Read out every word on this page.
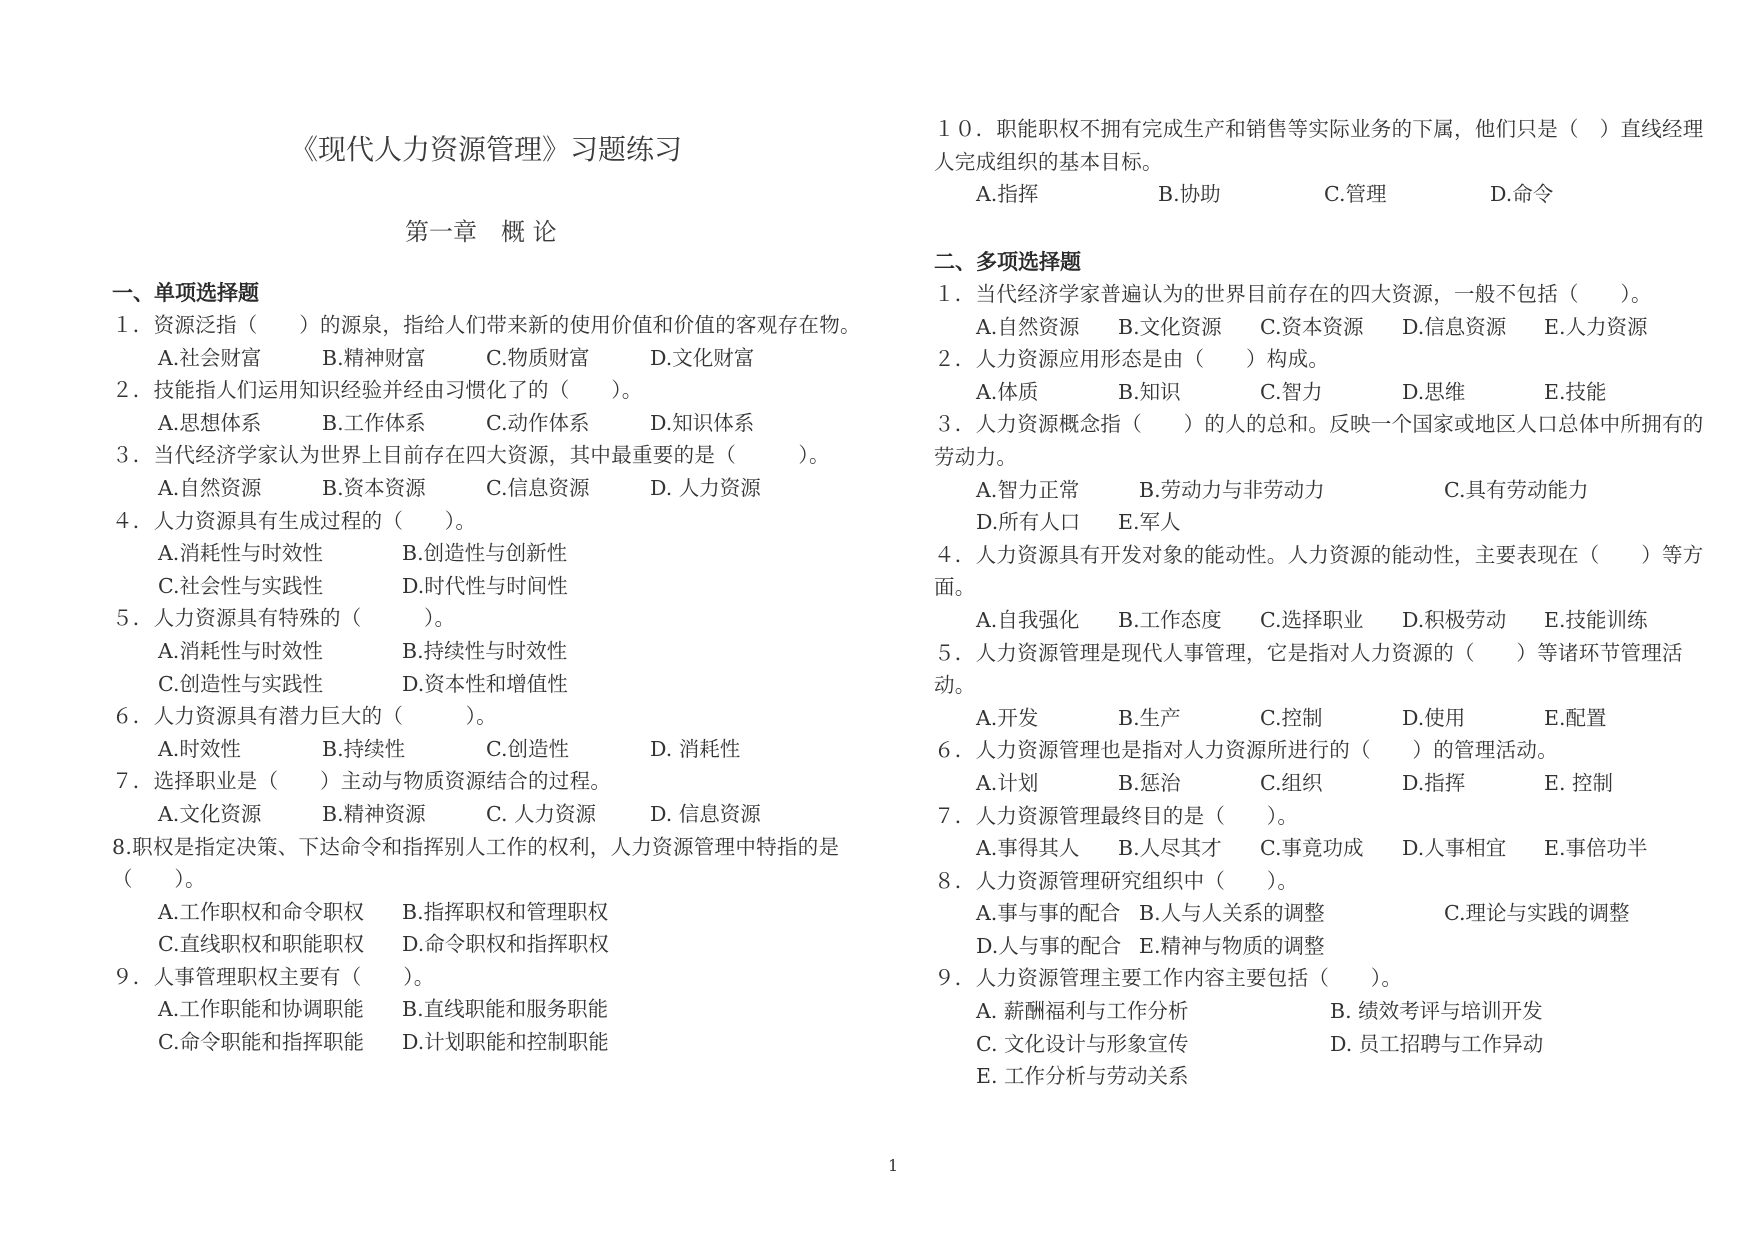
《现代人力资源管理》习题练习
第一章　概 论
一、单项选择题
１．资源泛指（　　）的源泉，指给人们带来新的使用价值和价值的客观存在物。
A.社会财富	B.精神财富	C.物质财富	D.文化财富
２．技能指人们运用知识经验并经由习惯化了的（　　）。
A.思想体系	B.工作体系	C.动作体系	D.知识体系
３．当代经济学家认为世界上目前存在四大资源，其中最重要的是（　　　）。
A.自然资源	B.资本资源	C.信息资源	D. 人力资源
４．人力资源具有生成过程的（　　）。
A.消耗性与时效性	B.创造性与创新性
C.社会性与实践性	D.时代性与时间性
５．人力资源具有特殊的（　　　）。
A.消耗性与时效性	B.持续性与时效性
C.创造性与实践性	D.资本性和增值性
６．人力资源具有潜力巨大的（　　　）。
A.时效性	B.持续性	C.创造性	D. 消耗性
７．选择职业是（　　）主动与物质资源结合的过程。
A.文化资源	B.精神资源	C. 人力资源	D. 信息资源
8.职权是指定决策、下达命令和指挥别人工作的权利，人力资源管理中特指的是（　　）。
A.工作职权和命令职权 B.指挥职权和管理职权
C.直线职权和职能职权 D.命令职权和指挥职权
９．人事管理职权主要有（　　）。
A.工作职能和协调职能 B.直线职能和服务职能
C.命令职能和指挥职能 D.计划职能和控制职能
１０．职能职权不拥有完成生产和销售等实际业务的下属，他们只是（　）直线经理人完成组织的基本目标。
A.指挥	B.协助	C.管理	D.命令
二、多项选择题
１．当代经济学家普遍认为的世界目前存在的四大资源，一般不包括（　　）。
A.自然资源 B.文化资源 C.资本资源 D.信息资源 E.人力资源
２．人力资源应用形态是由（　　）构成。
A.体质	B.知识	C.智力	D.思维	E.技能
３．人力资源概念指（　　）的人的总和。反映一个国家或地区人口总体中所拥有的劳动力。
A.智力正常	B.劳动力与非劳动力	C.具有劳动能力
D.所有人口 E.军人
４．人力资源具有开发对象的能动性。人力资源的能动性，主要表现在（　　）等方面。
A.自我强化 B.工作态度 C.选择职业 D.积极劳动 E.技能训练
５．人力资源管理是现代人事管理，它是指对人力资源的（　　）等诸环节管理活动。
A.开发	B.生产	C.控制	D.使用	E.配置
６．人力资源管理也是指对人力资源所进行的（　　）的管理活动。
A.计划	B.惩治	C.组织	D.指挥	E. 控制
７．人力资源管理最终目的是（　　）。
A.事得其人 B.人尽其才 C.事竟功成 D.人事相宜 E.事倍功半
８．人力资源管理研究组织中（　　）。
A.事与事的配合 B.人与人关系的调整	C.理论与实践的调整
D.人与事的配合 E.精神与物质的调整
９．人力资源管理主要工作内容主要包括（　　）。
A. 薪酬福利与工作分析	B. 绩效考评与培训开发
C. 文化设计与形象宣传	D. 员工招聘与工作异动
E. 工作分析与劳动关系
1
